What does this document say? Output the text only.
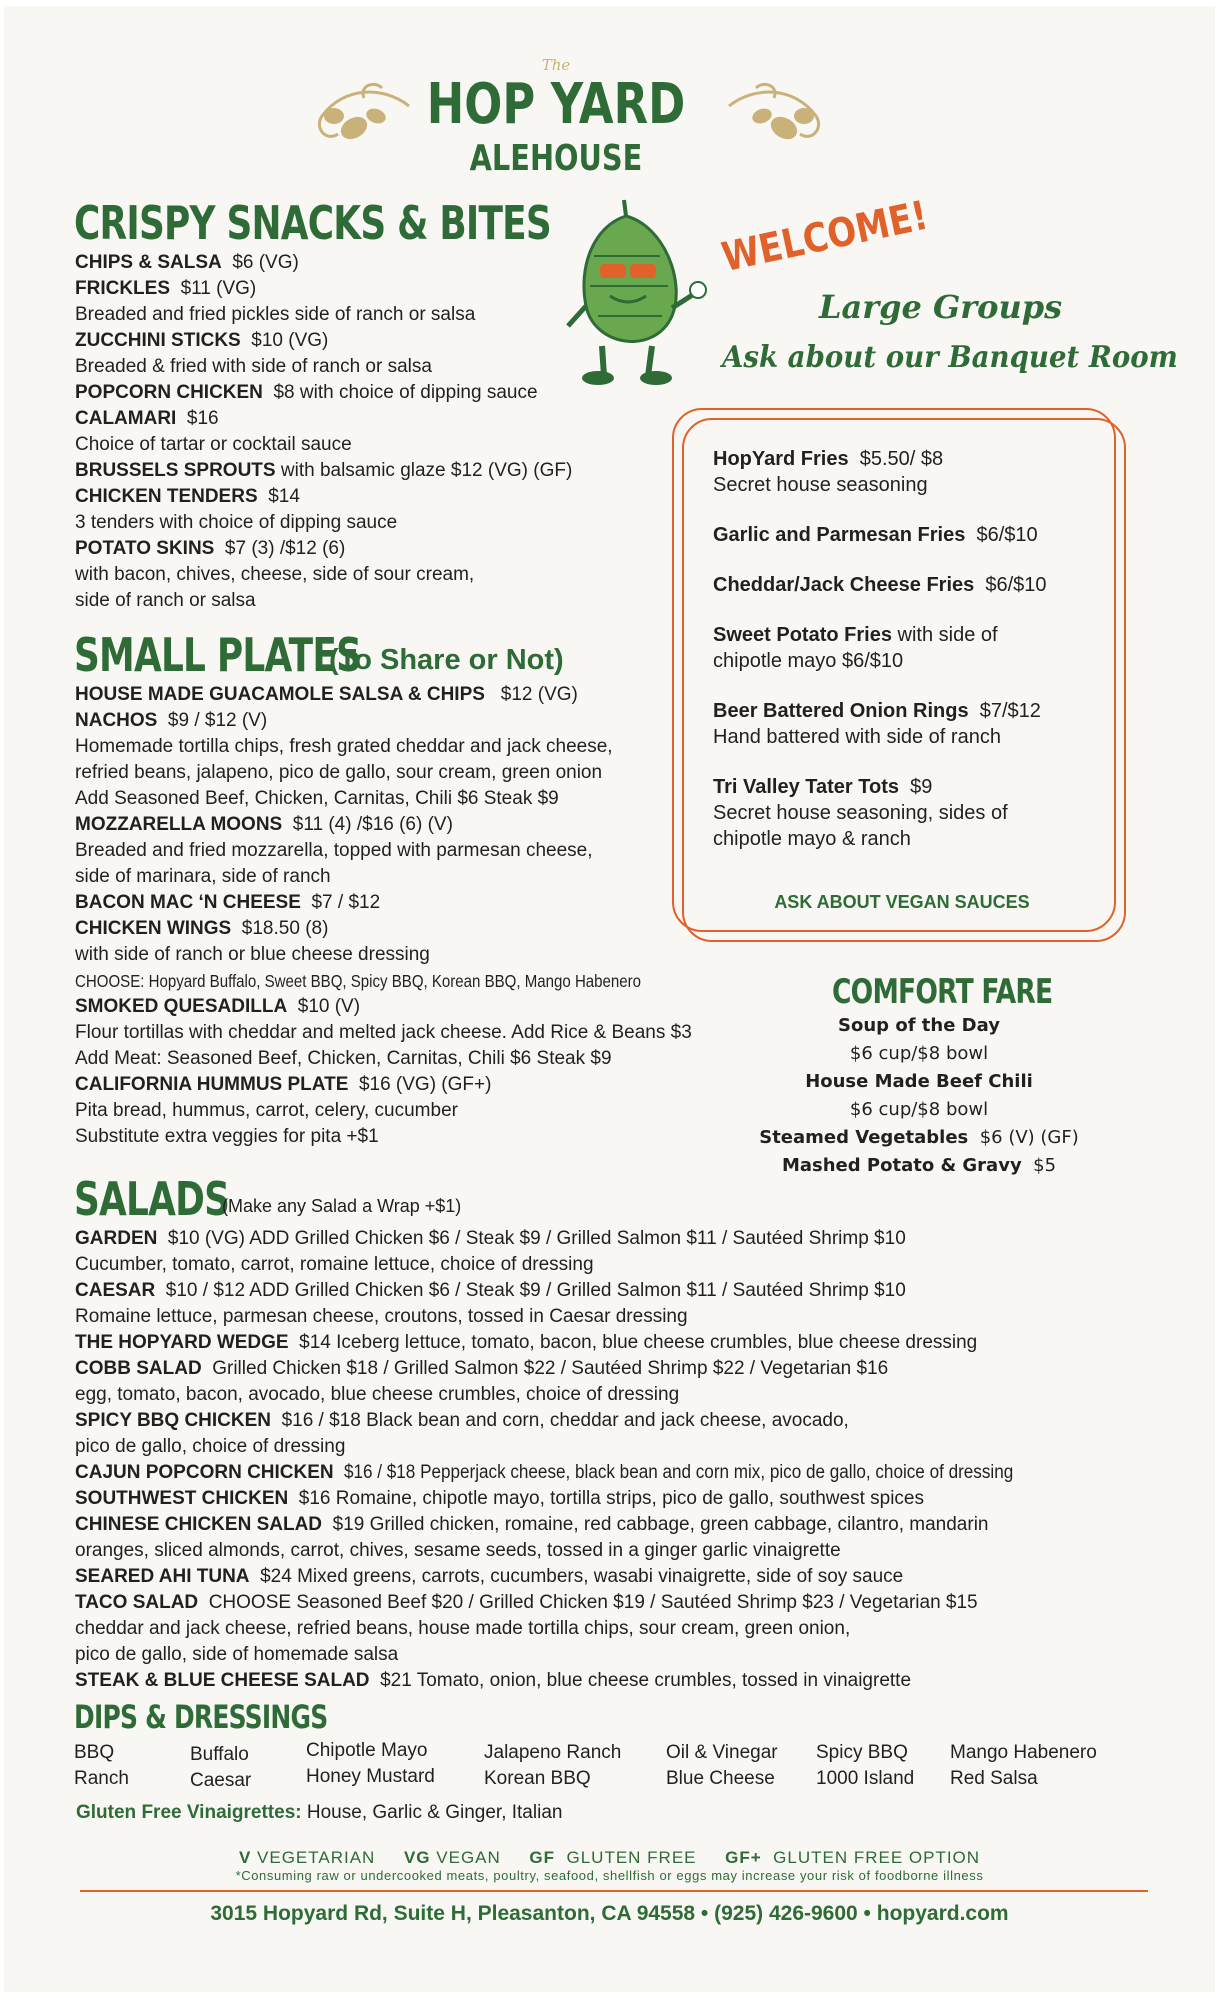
The
HOP YARD
ALEHOUSE
CRISPY SNACKS & BITES
CHIPS & SALSA $6 (VG)
FRICKLES $11 (VG)
Breaded and fried pickles side of ranch or salsa
ZUCCHINI STICKS $10 (VG)
Breaded & fried with side of ranch or salsa
POPCORN CHICKEN $8 with choice of dipping sauce
CALAMARI $16
Choice of tartar or cocktail sauce
BRUSSELS SPROUTS with balsamic glaze $12 (VG) (GF)
CHICKEN TENDERS $14
3 tenders with choice of dipping sauce
POTATO SKINS $7 (3) /$12 (6)
with bacon, chives, cheese, side of sour cream,
side of ranch or salsa
WELCOME!
Large Groups
Ask about our Banquet Room
HopYard Fries $5.50/ $8
Secret house seasoning
Garlic and Parmesan Fries $6/$10
Cheddar/Jack Cheese Fries $6/$10
Sweet Potato Fries with side of
chipotle mayo $6/$10
Beer Battered Onion Rings $7/$12
Hand battered with side of ranch
Tri Valley Tater Tots $9
Secret house seasoning, sides of
chipotle mayo & ranch
ASK ABOUT VEGAN SAUCES
SMALL PLATES
(To Share or Not)
HOUSE MADE GUACAMOLE SALSA & CHIPS $12 (VG)
NACHOS $9 / $12 (V)
Homemade tortilla chips, fresh grated cheddar and jack cheese,
refried beans, jalapeno, pico de gallo, sour cream, green onion
Add Seasoned Beef, Chicken, Carnitas, Chili $6 Steak $9
MOZZARELLA MOONS $11 (4) /$16 (6) (V)
Breaded and fried mozzarella, topped with parmesan cheese,
side of marinara, side of ranch
BACON MAC ‘N CHEESE $7 / $12
CHICKEN WINGS $18.50 (8)
with side of ranch or blue cheese dressing
CHOOSE: Hopyard Buffalo, Sweet BBQ, Spicy BBQ, Korean BBQ, Mango Habenero
SMOKED QUESADILLA $10 (V)
Flour tortillas with cheddar and melted jack cheese. Add Rice & Beans $3
Add Meat: Seasoned Beef, Chicken, Carnitas, Chili $6 Steak $9
CALIFORNIA HUMMUS PLATE $16 (VG) (GF+)
Pita bread, hummus, carrot, celery, cucumber
Substitute extra veggies for pita +$1
COMFORT FARE
Soup of the Day
$6 cup/$8 bowl
House Made Beef Chili
$6 cup/$8 bowl
Steamed Vegetables $6 (V) (GF)
Mashed Potato & Gravy $5
SALADS
(Make any Salad a Wrap +$1)
GARDEN $10 (VG) ADD Grilled Chicken $6 / Steak $9 / Grilled Salmon $11 / Sautéed Shrimp $10
Cucumber, tomato, carrot, romaine lettuce, choice of dressing
CAESAR $10 / $12 ADD Grilled Chicken $6 / Steak $9 / Grilled Salmon $11 / Sautéed Shrimp $10
Romaine lettuce, parmesan cheese, croutons, tossed in Caesar dressing
THE HOPYARD WEDGE $14 Iceberg lettuce, tomato, bacon, blue cheese crumbles, blue cheese dressing
COBB SALAD Grilled Chicken $18 / Grilled Salmon $22 / Sautéed Shrimp $22 / Vegetarian $16
egg, tomato, bacon, avocado, blue cheese crumbles, choice of dressing
SPICY BBQ CHICKEN $16 / $18 Black bean and corn, cheddar and jack cheese, avocado,
pico de gallo, choice of dressing
CAJUN POPCORN CHICKEN $16 / $18 Pepperjack cheese, black bean and corn mix, pico de gallo, choice of dressing
SOUTHWEST CHICKEN $16 Romaine, chipotle mayo, tortilla strips, pico de gallo, southwest spices
CHINESE CHICKEN SALAD $19 Grilled chicken, romaine, red cabbage, green cabbage, cilantro, mandarin
oranges, sliced almonds, carrot, chives, sesame seeds, tossed in a ginger garlic vinaigrette
SEARED AHI TUNA $24 Mixed greens, carrots, cucumbers, wasabi vinaigrette, side of soy sauce
TACO SALAD CHOOSE Seasoned Beef $20 / Grilled Chicken $19 / Sautéed Shrimp $23 / Vegetarian $15
cheddar and jack cheese, refried beans, house made tortilla chips, sour cream, green onion,
pico de gallo, side of homemade salsa
STEAK & BLUE CHEESE SALAD $21 Tomato, onion, blue cheese crumbles, tossed in vinaigrette
DIPS & DRESSINGS
BBQ
Ranch
Buffalo
Caesar
Chipotle Mayo
Honey Mustard
Jalapeno Ranch
Korean BBQ
Oil & Vinegar
Blue Cheese
Spicy BBQ
1000 Island
Mango Habenero
Red Salsa
Gluten Free Vinaigrettes: House, Garlic & Ginger, Italian
V VEGETARIAN VG VEGAN GF GLUTEN FREE GF+ GLUTEN FREE OPTION
*Consuming raw or undercooked meats, poultry, seafood, shellfish or eggs may increase your risk of foodborne illness
3015 Hopyard Rd, Suite H, Pleasanton, CA 94558 • (925) 426-9600 • hopyard.com
